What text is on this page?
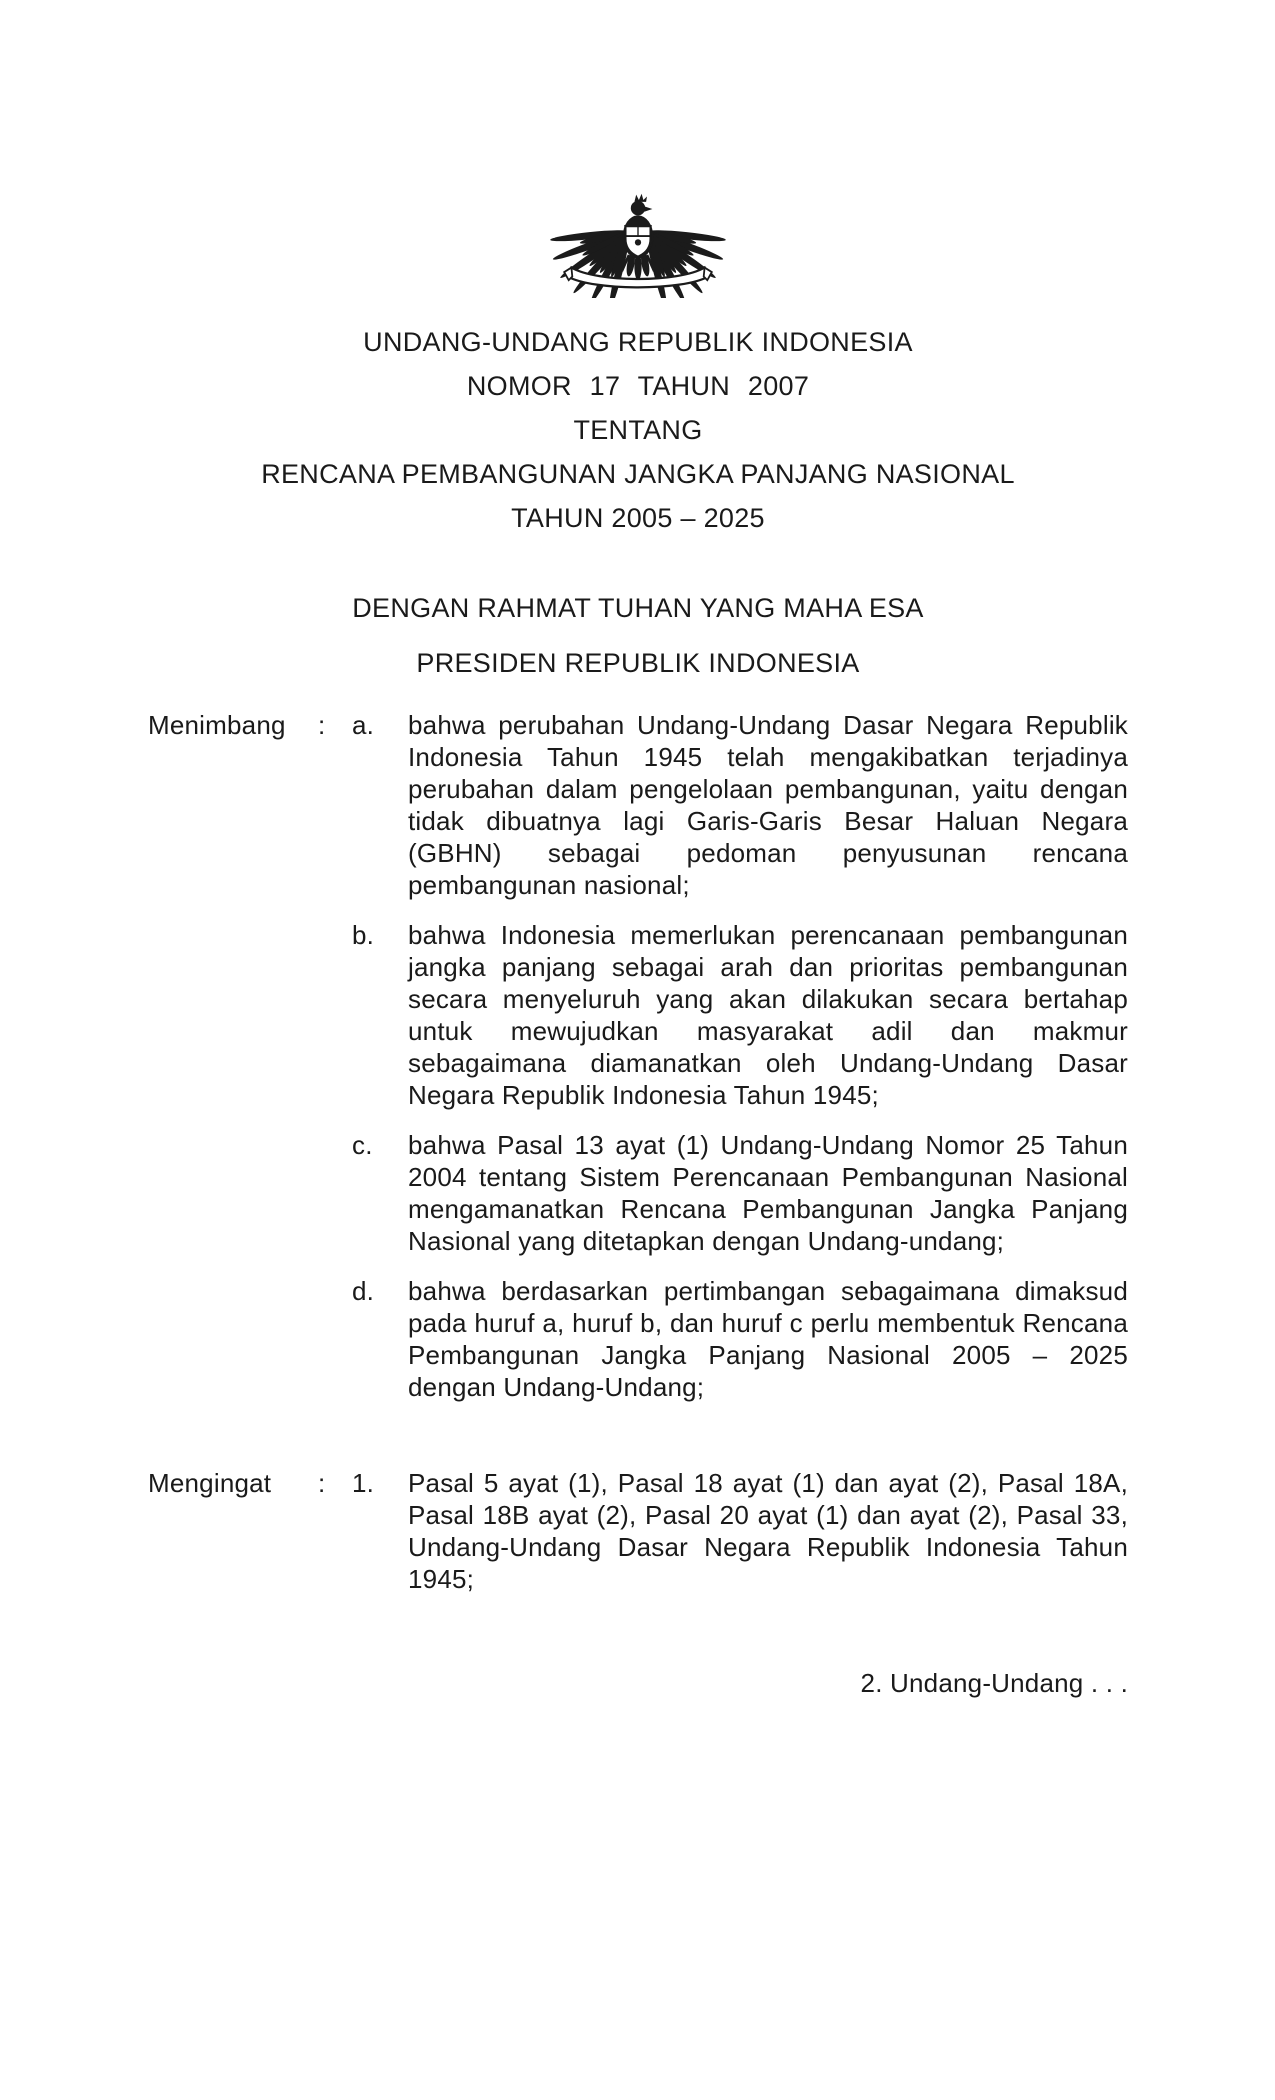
UNDANG-UNDANG REPUBLIK INDONESIA
NOMOR 17 TAHUN 2007
TENTANG
RENCANA PEMBANGUNAN JANGKA PANJANG NASIONAL
TAHUN 2005 – 2025
DENGAN RAHMAT TUHAN YANG MAHA ESA
PRESIDEN REPUBLIK INDONESIA
Menimbang	:	a.	bahwa perubahan Undang-Undang Dasar Negara Republik Indonesia Tahun 1945 telah mengakibatkan terjadinya perubahan dalam pengelolaan pembangunan, yaitu dengan tidak dibuatnya lagi Garis-Garis Besar Haluan Negara (GBHN) sebagai pedoman penyusunan rencana pembangunan nasional;
b.	bahwa Indonesia memerlukan perencanaan pembangunan jangka panjang sebagai arah dan prioritas pembangunan secara menyeluruh yang akan dilakukan secara bertahap untuk mewujudkan masyarakat adil dan makmur sebagaimana diamanatkan oleh Undang-Undang Dasar Negara Republik Indonesia Tahun 1945;
c.	bahwa Pasal 13 ayat (1) Undang-Undang Nomor 25 Tahun 2004 tentang Sistem Perencanaan Pembangunan Nasional mengamanatkan Rencana Pembangunan Jangka Panjang Nasional yang ditetapkan dengan Undang-undang;
d.	bahwa berdasarkan pertimbangan sebagaimana dimaksud pada huruf a, huruf b, dan huruf c perlu membentuk Rencana Pembangunan Jangka Panjang Nasional 2005 – 2025 dengan Undang-Undang;
Mengingat	:	1.	Pasal 5 ayat (1), Pasal 18 ayat (1) dan ayat (2), Pasal 18A, Pasal 18B ayat (2), Pasal 20 ayat (1) dan ayat (2), Pasal 33, Undang-Undang Dasar Negara Republik Indonesia Tahun 1945;
2. Undang-Undang . . .
